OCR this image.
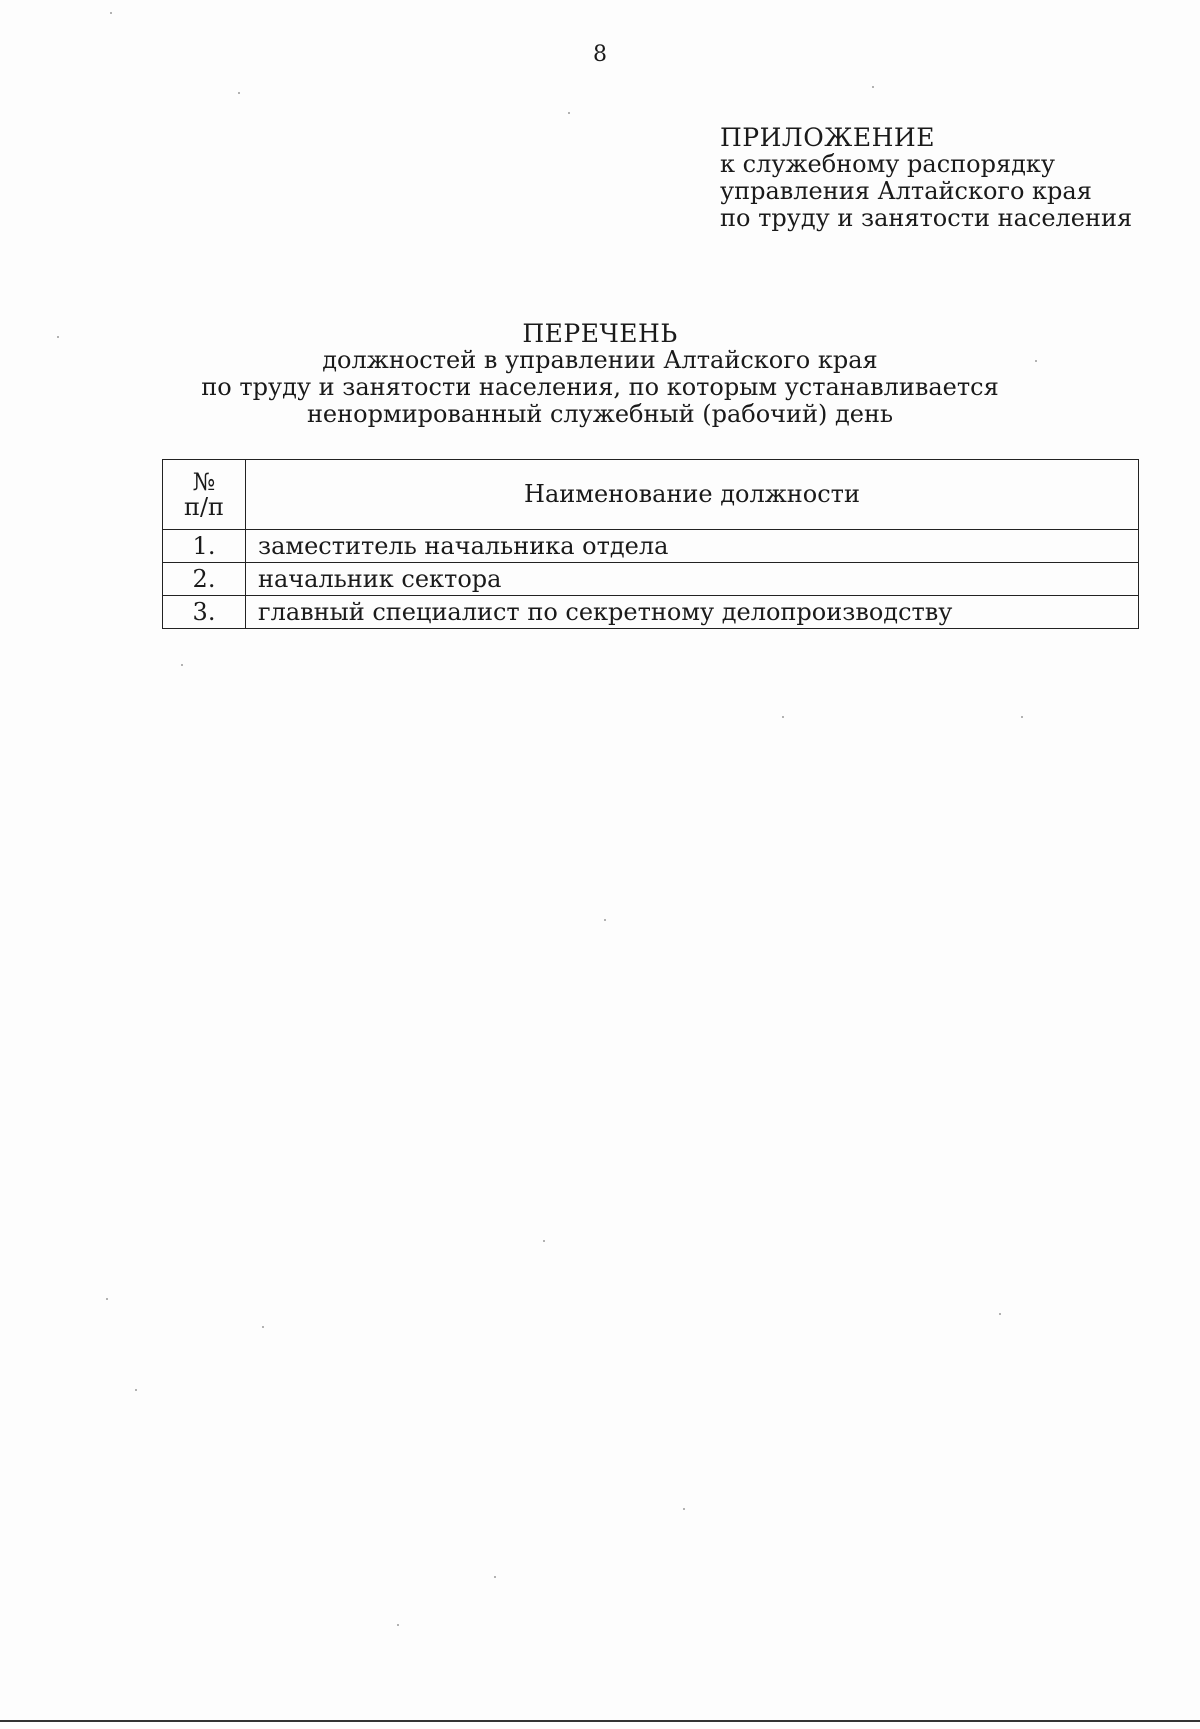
8
ПРИЛОЖЕНИЕ
к служебному распорядку
управления Алтайского края
по труду и занятости населения
ПЕРЕЧЕНЬ
должностей в управлении Алтайского края
по труду и занятости населения, по которым устанавливается
ненормированный служебный (рабочий) день
№
п/п	Наименование должности
1.	заместитель начальника отдела
2.	начальник сектора
3.	главный специалист по секретному делопроизводству
